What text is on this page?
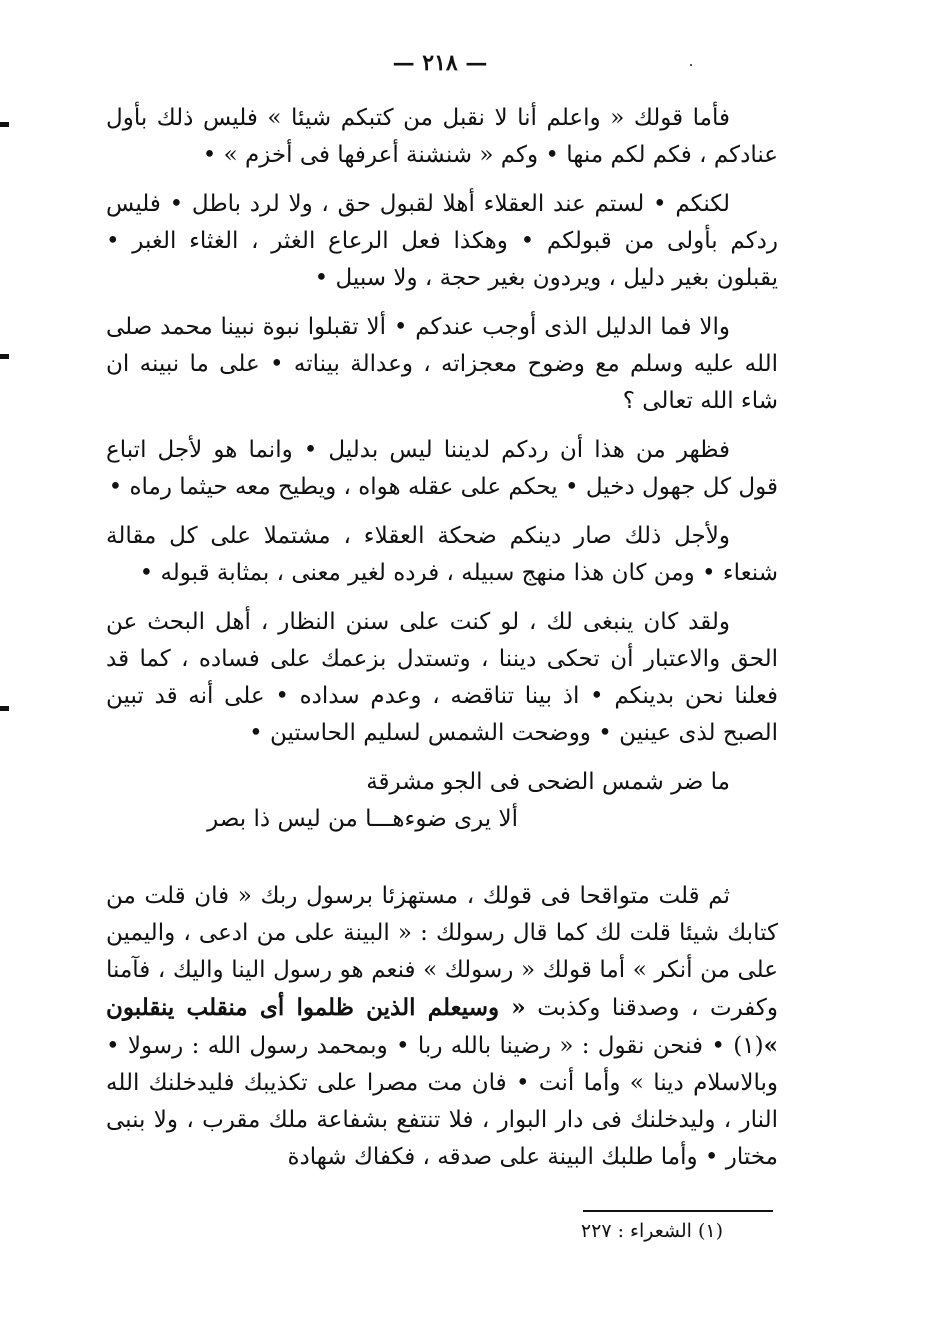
— ٢١٨ —

فأما قولك « واعلم أنا لا نقبل من كتبكم شيئا » فليس ذلك بأول عنادكم ، فكم لكم منها • وكم « شنشنة أعرفها فى أخزم » •

لكنكم • لستم عند العقلاء أهلا لقبول حق ، ولا لرد باطل • فليس ردكم بأولى من قبولكم • وهكذا فعل الرعاع الغثر ، الغثاء الغبر • يقبلون بغير دليل ، ويردون بغير حجة ، ولا سبيل •

والا فما الدليل الذى أوجب عندكم • ألا تقبلوا نبوة نبينا محمد صلى الله عليه وسلم مع وضوح معجزاته ، وعدالة بيناته • على ما نبينه ان شاء الله تعالى ؟

فظهر من هذا أن ردكم لديننا ليس بدليل • وانما هو لأجل اتباع قول كل جهول دخيل • يحكم على عقله هواه ، ويطيح معه حيثما رماه •

ولأجل ذلك صار دينكم ضحكة العقلاء ، مشتملا على كل مقالة شنعاء • ومن كان هذا منهج سبيله ، فرده لغير معنى ، بمثابة قبوله •

ولقد كان ينبغى لك ، لو كنت على سنن النظار ، أهل البحث عن الحق والاعتبار أن تحكى ديننا ، وتستدل بزعمك على فساده ، كما قد فعلنا نحن بدينكم • اذ بينا تناقضه ، وعدم سداده • على أنه قد تبين الصبح لذى عينين • ووضحت الشمس لسليم الحاستين •

ما ضر شمس الضحى فى الجو مشرقة
ألا يرى ضوءهـــا من ليس ذا بصر

ثم قلت متواقحا فى قولك ، مستهزئا برسول ربك « فان قلت من كتابك شيئا قلت لك كما قال رسولك : « البينة على من ادعى ، واليمين على من أنكر » أما قولك « رسولك » فنعم هو رسول الينا واليك ، فآمنا وكفرت ، وصدقنا وكذبت « وسيعلم الذين ظلموا أى منقلب ينقلبون »(١) • فنحن نقول : « رضينا بالله ربا • وبمحمد رسول الله : رسولا • وبالاسلام دينا » وأما أنت • فان مت مصرا على تكذيبك فليدخلنك الله النار ، وليدخلنك فى دار البوار ، فلا تنتفع بشفاعة ملك مقرب ، ولا بنبى مختار • وأما طلبك البينة على صدقه ، فكفاك شهادة

(١) الشعراء : ٢٢٧
